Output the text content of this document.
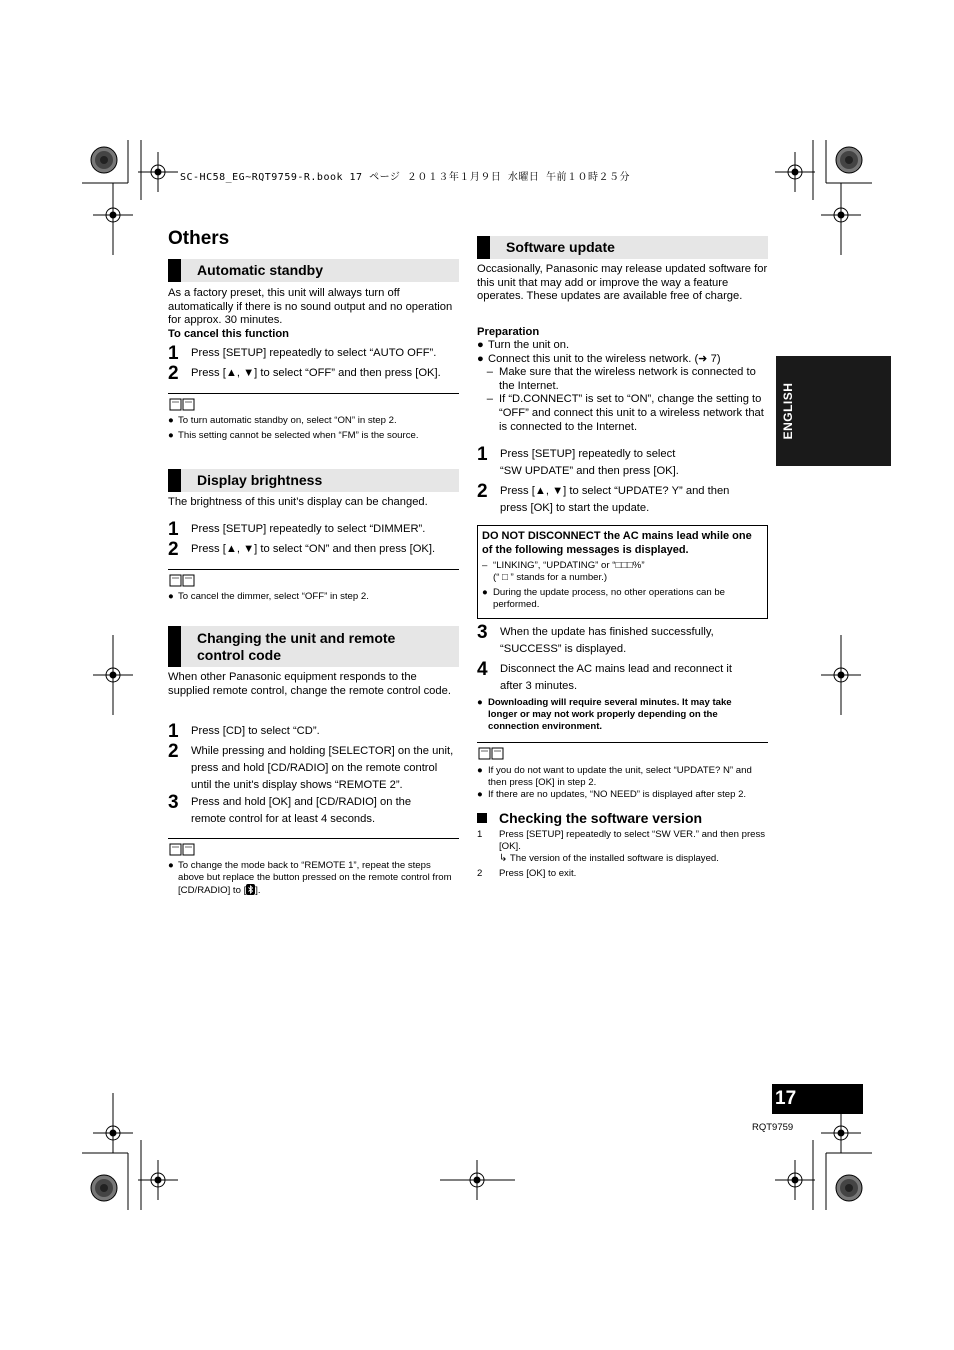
SC-HC58_EG~RQT9759-R.book 17 ページ ２０１３年１月９日 水曜日 午前１０時２５分
Others
Automatic standby
As a factory preset, this unit will always turn off automatically if there is no sound output and no operation for approx. 30 minutes.
To cancel this function
1	Press [SETUP] repeatedly to select “AUTO OFF”.
2	Press [▲, ▼] to select “OFF” and then press [OK].
● To turn automatic standby on, select “ON” in step 2.
● This setting cannot be selected when “FM” is the source.
Display brightness
The brightness of this unit’s display can be changed.
1	Press [SETUP] repeatedly to select “DIMMER”.
2	Press [▲, ▼] to select “ON” and then press [OK].
● To cancel the dimmer, select “OFF” in step 2.
Changing the unit and remote
control code
When other Panasonic equipment responds to the supplied remote control, change the remote control code.
1	Press [CD] to select “CD”.
2	While pressing and holding [SELECTOR] on the unit, press and hold [CD/RADIO] on the remote control until the unit's display shows “REMOTE 2”.
3	Press and hold [OK] and [CD/RADIO] on the remote control for at least 4 seconds.
● To change the mode back to “REMOTE 1”, repeat the steps above but replace the button pressed on the remote control from [CD/RADIO] to [ ].
Software update
Occasionally, Panasonic may release updated software for this unit that may add or improve the way a feature operates. These updates are available free of charge.
Preparation
● Turn the unit on.
● Connect this unit to the wireless network. (➜ 7)
– Make sure that the wireless network is connected to the Internet.
– If “D.CONNECT” is set to “ON”, change the setting to “OFF” and connect this unit to a wireless network that is connected to the Internet.
1	Press [SETUP] repeatedly to select
“SW UPDATE” and then press [OK].
2	Press [▲, ▼] to select “UPDATE? Y” and then
press [OK] to start the update.
DO NOT DISCONNECT the AC mains lead while one of the following messages is displayed.
– “LINKING”, “UPDATING” or “□□□%”
(“ □ ” stands for a number.)
● During the update process, no other operations can be performed.
3	When the update has finished successfully,
“SUCCESS” is displayed.
4	Disconnect the AC mains lead and reconnect it
after 3 minutes.
● Downloading will require several minutes. It may take longer or may not work properly depending on the connection environment.
● If you do not want to update the unit, select “UPDATE? N” and then press [OK] in step 2.
● If there are no updates, “NO NEED” is displayed after step 2.
Checking the software version
1	Press [SETUP] repeatedly to select “SW VER.” and then press [OK].
↳ The version of the installed software is displayed.
2	Press [OK] to exit.
ENGLISH
17
RQT9759
